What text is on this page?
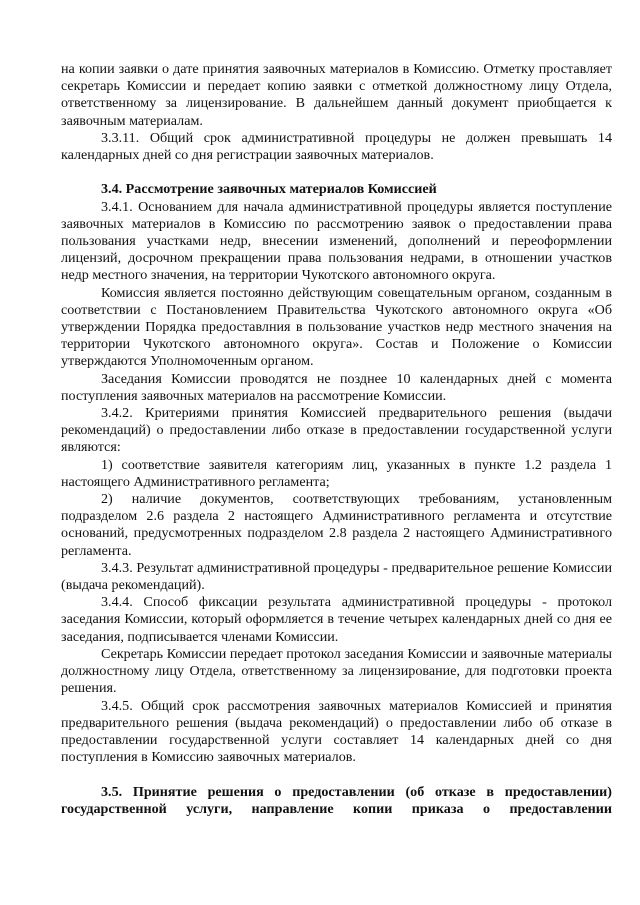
на копии заявки о дате принятия заявочных материалов в Комиссию. Отметку проставляет секретарь Комиссии и передает копию заявки с отметкой должностному лицу Отдела, ответственному за лицензирование. В дальнейшем данный документ приобщается к заявочным материалам.

3.3.11. Общий срок административной процедуры не должен превышать 14 календарных дней со дня регистрации заявочных материалов.

3.4. Рассмотрение заявочных материалов Комиссией

3.4.1. Основанием для начала административной процедуры является поступление заявочных материалов в Комиссию по рассмотрению заявок о предоставлении права пользования участками недр, внесении изменений, дополнений и переоформлении лицензий, досрочном прекращении права пользования недрами, в отношении участков недр местного значения, на территории Чукотского автономного округа.

Комиссия является постоянно действующим совещательным органом, созданным в соответствии с Постановлением Правительства Чукотского автономного округа «Об утверждении Порядка предоставлния в пользование участков недр местного значения на территории Чукотского автономного округа». Состав и Положение о Комиссии утверждаются Уполномоченным органом.

Заседания Комиссии проводятся не позднее 10 календарных дней с момента поступления заявочных материалов на рассмотрение Комиссии.

3.4.2. Критериями принятия Комиссией предварительного решения (выдачи рекомендаций) о предоставлении либо отказе в предоставлении государственной услуги являются:

1) соответствие заявителя категориям лиц, указанных в пункте 1.2 раздела 1 настоящего Административного регламента;

2) наличие документов, соответствующих требованиям, установленным подразделом 2.6 раздела 2 настоящего Административного регламента и отсутствие оснований, предусмотренных подразделом 2.8 раздела 2 настоящего Административного регламента.

3.4.3. Результат административной процедуры - предварительное решение Комиссии (выдача рекомендаций).

3.4.4. Способ фиксации результата административной процедуры - протокол заседания Комиссии, который оформляется в течение четырех календарных дней со дня ее заседания, подписывается членами Комиссии.

Секретарь Комиссии передает протокол заседания Комиссии и заявочные материалы должностному лицу Отдела, ответственному за лицензирование, для подготовки проекта решения.

3.4.5. Общий срок рассмотрения заявочных материалов Комиссией и принятия предварительного решения (выдача рекомендаций) о предоставлении либо об отказе в предоставлении государственной услуги составляет 14 календарных дней со дня поступления в Комиссию заявочных материалов.

3.5. Принятие решения о предоставлении (об отказе в предоставлении) государственной услуги, направление копии приказа о предоставлении
